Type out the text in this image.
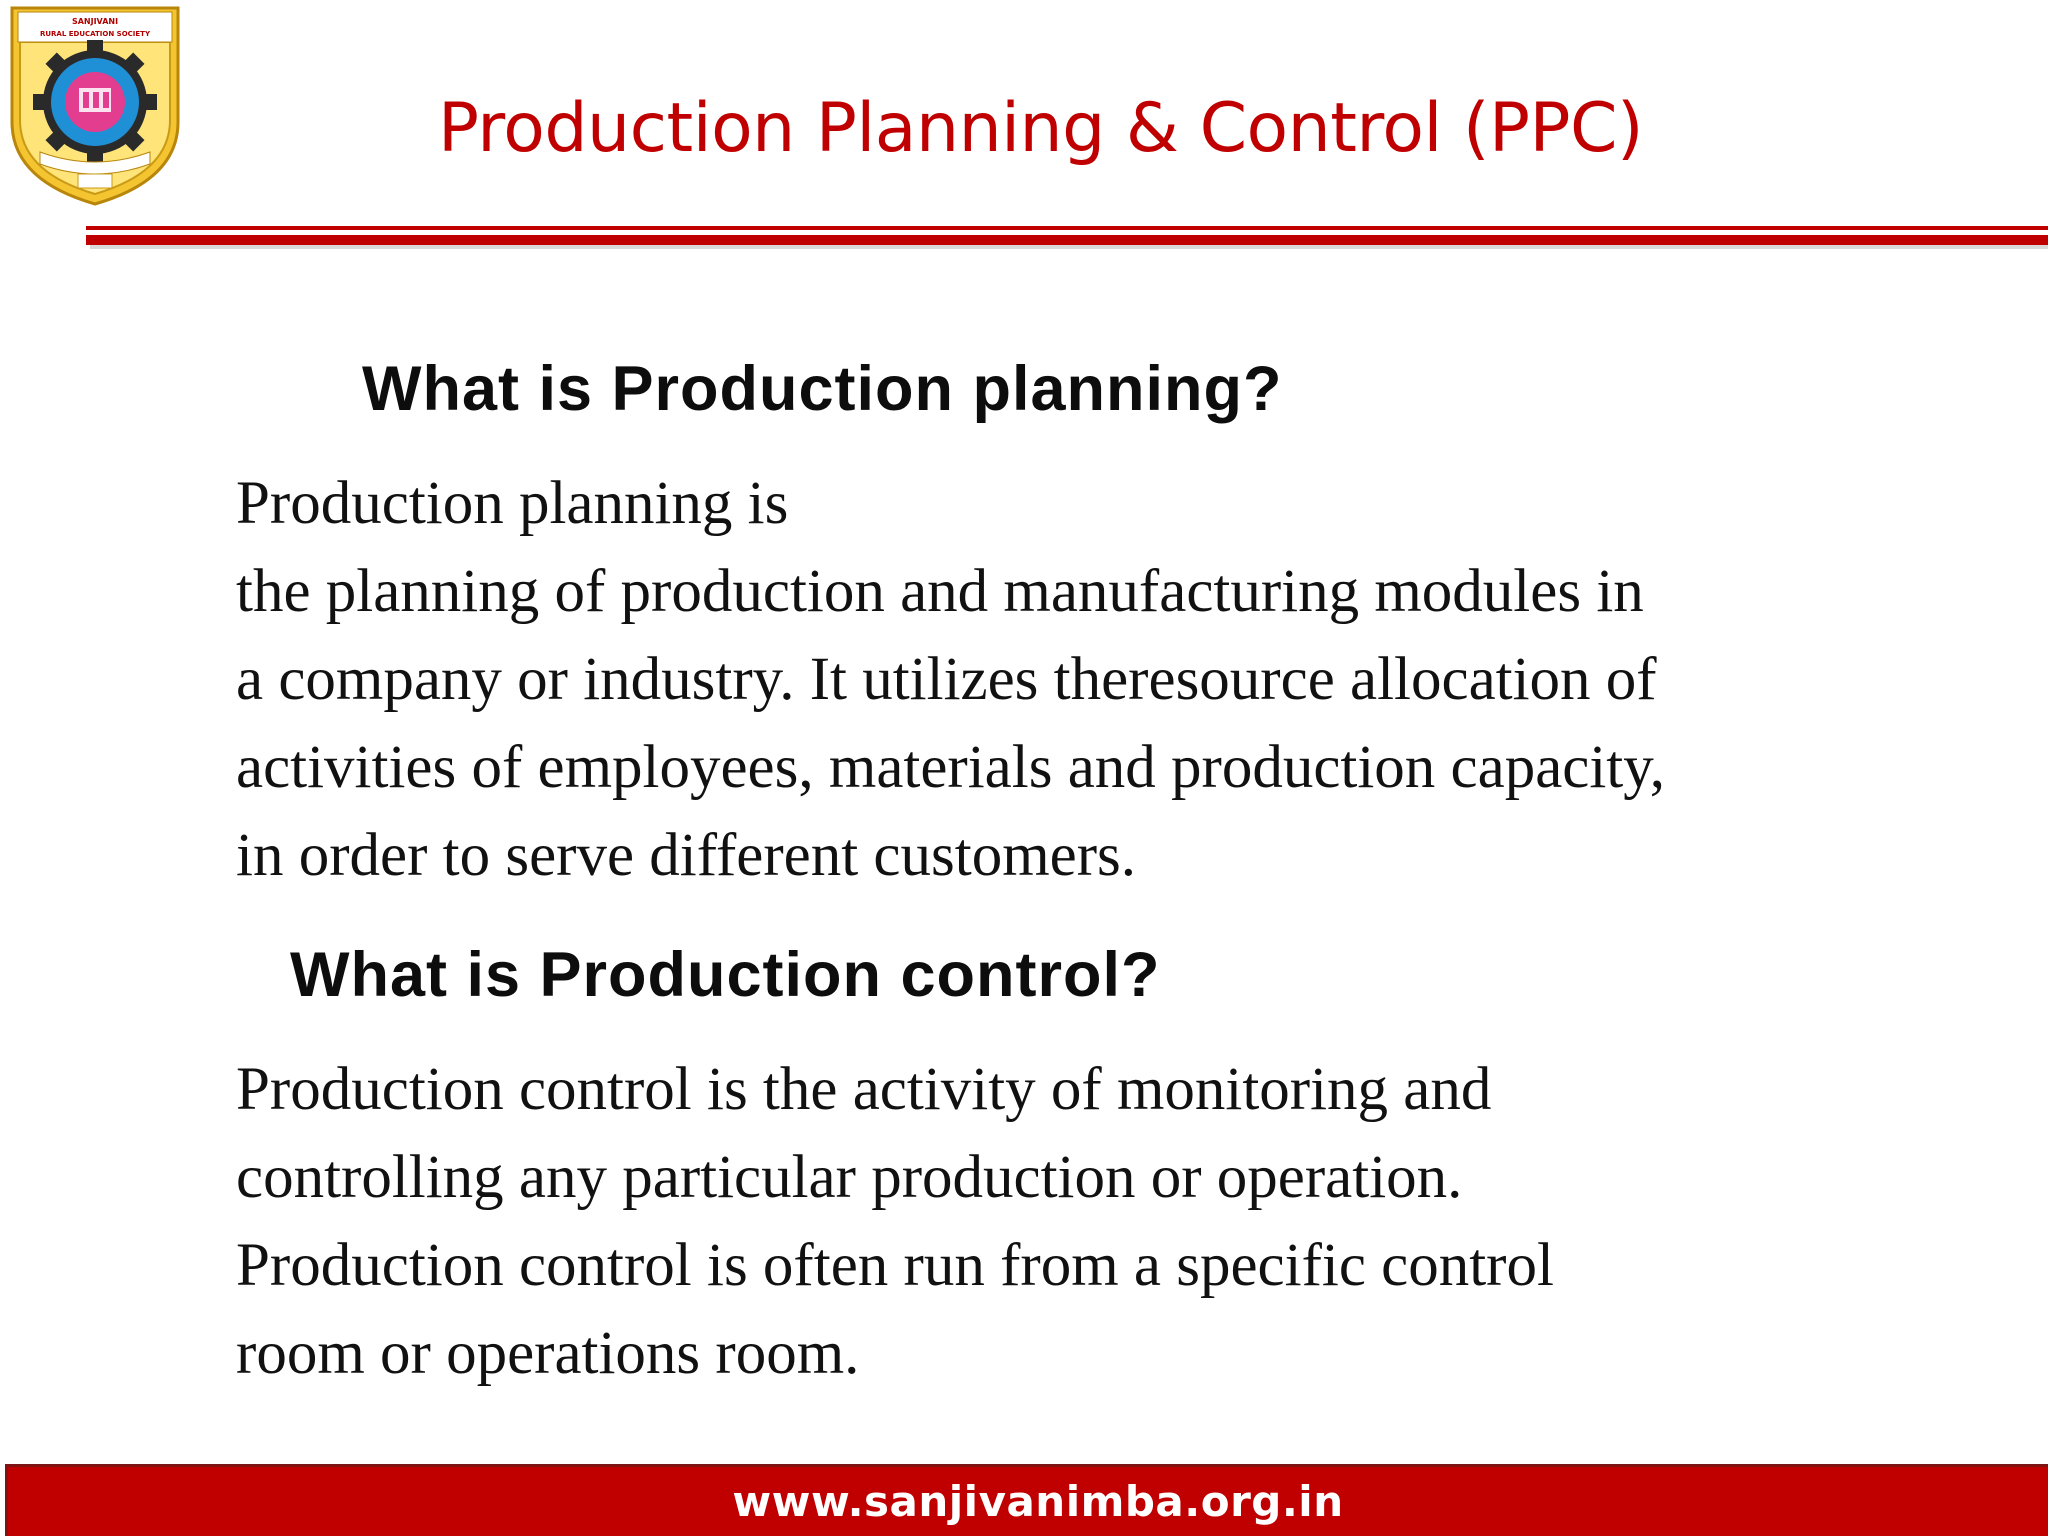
SANJIVANI
RURAL EDUCATION SOCIETY
Production Planning & Control (PPC)
What is Production planning?

Production planning is
the planning of production and manufacturing modules in
a company or industry. It utilizes theresource allocation of
activities of employees, materials and production capacity,
in order to serve different customers.

What is Production control?

Production control is the activity of monitoring and
controlling any particular production or operation.
Production control is often run from a specific control
room or operations room.

www.sanjivanimba.org.in
